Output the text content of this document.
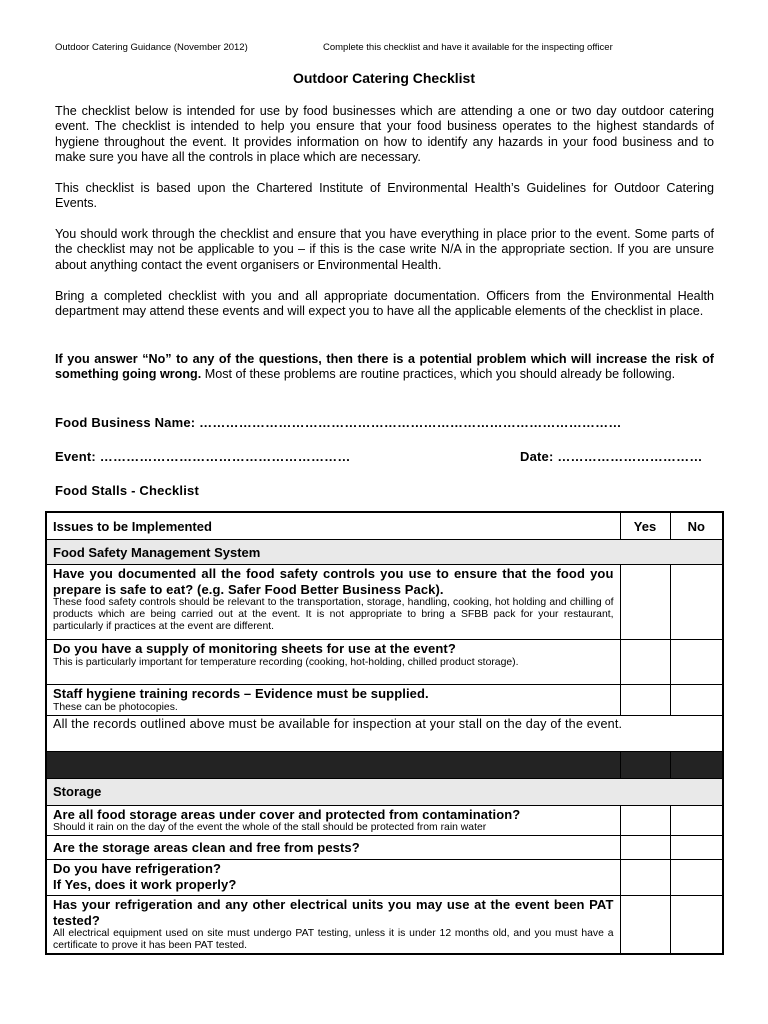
Outdoor Catering Guidance (November 2012)	Complete this checklist and have it available for the inspecting officer
Outdoor Catering Checklist
The checklist below is intended for use by food businesses which are attending a one or two day outdoor catering event. The checklist is intended to help you ensure that your food business operates to the highest standards of hygiene throughout the event. It provides information on how to identify any hazards in your food business and to make sure you have all the controls in place which are necessary.
This checklist is based upon the Chartered Institute of Environmental Health’s Guidelines for Outdoor Catering Events.
You should work through the checklist and ensure that you have everything in place prior to the event. Some parts of the checklist may not be applicable to you – if this is the case write N/A in the appropriate section. If you are unsure about anything contact the event organisers or Environmental Health.
Bring a completed checklist with you and all appropriate documentation. Officers from the Environmental Health department may attend these events and will expect you to have all the applicable elements of the checklist in place.
If you answer “No” to any of the questions, then there is a potential problem which will increase the risk of something going wrong. Most of these problems are routine practices, which you should already be following.
Food Business Name: ……………………………………………………………………………………
Event: …………………………………………………	Date: ……………………………
Food Stalls - Checklist
Issues to be Implemented	Yes	No
Food Safety Management System		

Have you documented all the food safety controls you use to ensure that the food you prepare is safe to eat? (e.g. Safer Food Better Business Pack).
These food safety controls should be relevant to the transportation, storage, handling, cooking, hot holding and chilling of products which are being carried out at the event. It is not appropriate to bring a SFBB pack for your restaurant, particularly if practices at the event are different.		

Do you have a supply of monitoring sheets for use at the event?
This is particularly important for temperature recording (cooking, hot-holding, chilled product storage).		

Staff hygiene training records – Evidence must be supplied.
These can be photocopies.		

All the records outlined above must be available for inspection at your stall on the day of the event.		

Storage		

Are all food storage areas under cover and protected from contamination?
Should it rain on the day of the event the whole of the stall should be protected from rain water		

Are the storage areas clean and free from pests?		

Do you have refrigeration?
If Yes, does it work properly?		

Has your refrigeration and any other electrical units you may use at the event been PAT tested?
All electrical equipment used on site must undergo PAT testing, unless it is under 12 months old, and you must have a certificate to prove it has been PAT tested.		
